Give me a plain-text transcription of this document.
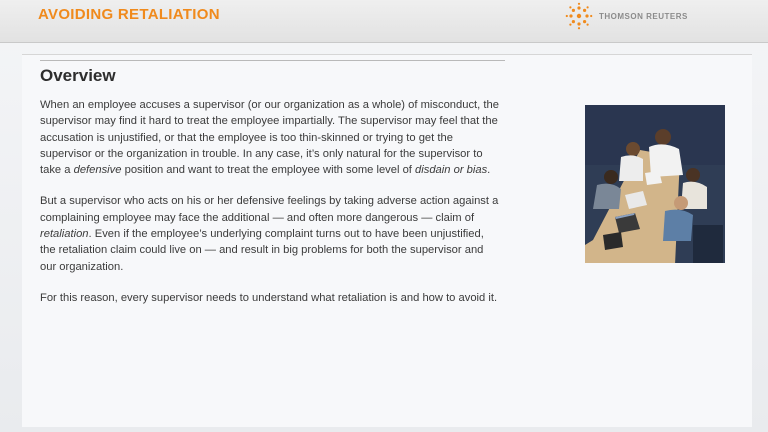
AVOIDING RETALIATION	THOMSON REUTERS
Overview

When an employee accuses a supervisor (or our organization as a whole) of misconduct, the supervisor may find it hard to treat the employee impartially. The supervisor may feel that the accusation is unjustified, or that the employee is too thin-skinned or trying to get the supervisor or the organization in trouble. In any case, it’s only natural for the supervisor to take a defensive position and want to treat the employee with some level of disdain or bias.

But a supervisor who acts on his or her defensive feelings by taking adverse action against a complaining employee may face the additional — and often more dangerous — claim of retaliation. Even if the employee’s underlying complaint turns out to have been unjustified, the retaliation claim could live on — and result in big problems for both the supervisor and our organization.

For this reason, every supervisor needs to understand what retaliation is and how to avoid it.
